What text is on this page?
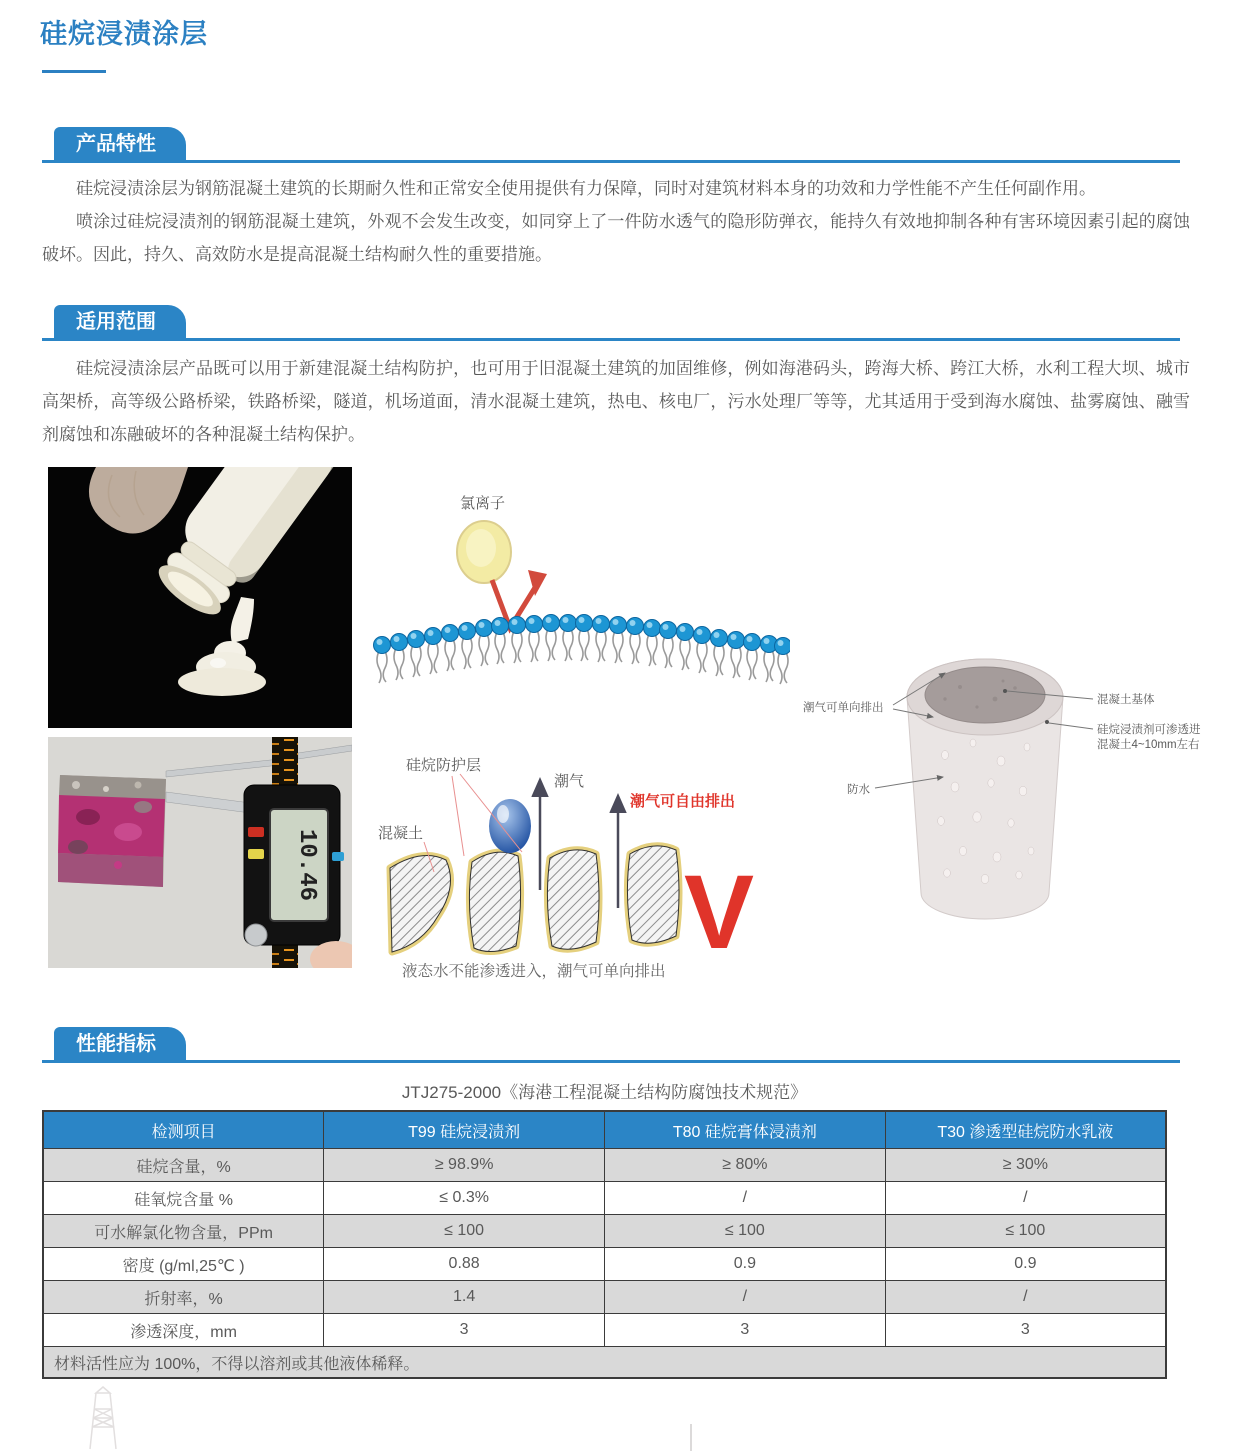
硅烷浸渍涂层
产品特性

硅烷浸渍涂层为钢筋混凝土建筑的长期耐久性和正常安全使用提供有力保障，同时对建筑材料本身的功效和力学性能不产生任何副作用。

喷涂过硅烷浸渍剂的钢筋混凝土建筑，外观不会发生改变，如同穿上了一件防水透气的隐形防弹衣，能持久有效地抑制各种有害环境因素引起的腐蚀破坏。因此，持久、高效防水是提高混凝土结构耐久性的重要措施。

适用范围

硅烷浸渍涂层产品既可以用于新建混凝土结构防护，也可用于旧混凝土建筑的加固维修，例如海港码头，跨海大桥、跨江大桥，水利工程大坝、城市高架桥，高等级公路桥梁，铁路桥梁，隧道，机场道面，清水混凝土建筑，热电、核电厂，污水处理厂等等，尤其适用于受到海水腐蚀、盐雾腐蚀、融雪剂腐蚀和冻融破坏的各种混凝土结构保护。

氯离子
潮气可单向排出
混凝土基体
硅烷浸渍剂可渗透进
混凝土4~10mm左右
防水
10.46
硅烷防护层
混凝土
潮气
潮气可自由排出
液态水不能渗透进入，潮气可单向排出
V
性能指标
JTJ275-2000《海港工程混凝土结构防腐蚀技术规范》
检测项目	T99 硅烷浸渍剂	T80 硅烷膏体浸渍剂	T30 渗透型硅烷防水乳液
硅烷含量，%	≥ 98.9%	≥ 80%	≥ 30%
硅氧烷含量 %	≤ 0.3%	/	/
可水解氯化物含量，PPm	≤ 100	≤ 100	≤ 100
密度 (g/ml,25℃ )	0.88	0.9	0.9
折射率，%	1.4	/	/
渗透深度，mm	3	3	3
材料活性应为 100%，不得以溶剂或其他液体稀释。			
